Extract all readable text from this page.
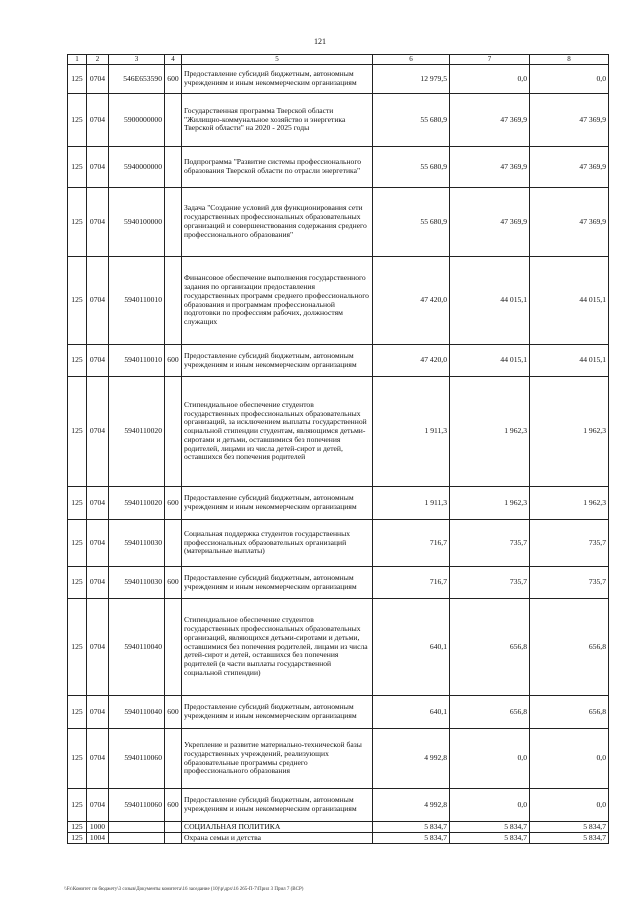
121
1	2	3	4	5	6	7	8
125	0704	546E653590	600	Предоставление субсидий бюджетным, автономным учреждениям и иным некоммерческим организациям	12 979,5	0,0	0,0
125	0704	5900000000		Государственная программа Тверской области "Жилищно-коммунальное хозяйство и энергетика Тверской области" на 2020 - 2025 годы	55 680,9	47 369,9	47 369,9
125	0704	5940000000		Подпрограмма "Развитие системы профессионального образования Тверской области по отрасли энергетика"	55 680,9	47 369,9	47 369,9
125	0704	5940100000		Задача "Создание условий для функционирования сети государственных профессиональных образовательных организаций и совершенствования содержания среднего профессионального образования"	55 680,9	47 369,9	47 369,9
125	0704	5940110010		Финансовое обеспечение выполнения государственного задания по организации предоставления государственных программ среднего профессионального образования и программам профессиональной подготовки по профессиям рабочих, должностям служащих	47 420,0	44 015,1	44 015,1
125	0704	5940110010	600	Предоставление субсидий бюджетным, автономным учреждениям и иным некоммерческим организациям	47 420,0	44 015,1	44 015,1
125	0704	5940110020		Стипендиальное обеспечение студентов государственных профессиональных образовательных организаций, за исключением выплаты государственной социальной стипендии студентам, являющимся детьми-сиротами и детьми, оставшимися без попечения родителей, лицами из числа детей-сирот и детей, оставшихся без попечения родителей	1 911,3	1 962,3	1 962,3
125	0704	5940110020	600	Предоставление субсидий бюджетным, автономным учреждениям и иным некоммерческим организациям	1 911,3	1 962,3	1 962,3
125	0704	5940110030		Социальная поддержка студентов государственных профессиональных образовательных организаций (материальные выплаты)	716,7	735,7	735,7
125	0704	5940110030	600	Предоставление субсидий бюджетным, автономным учреждениям и иным некоммерческим организациям	716,7	735,7	735,7
125	0704	5940110040		Стипендиальное обеспечение студентов государственных профессиональных образовательных организаций, являющихся детьми-сиротами и детьми, оставшимися без попечения родителей, лицами из числа детей-сирот и детей, оставшихся без попечения родителей (в части выплаты государственной социальной стипендии)	640,1	656,8	656,8
125	0704	5940110040	600	Предоставление субсидий бюджетным, автономным учреждениям и иным некоммерческим организациям	640,1	656,8	656,8
125	0704	5940110060		Укрепление и развитие материально-технической базы государственных учреждений, реализующих образовательные программы среднего профессионального образования	4 992,8	0,0	0,0
125	0704	5940110060	600	Предоставление субсидий бюджетным, автономным учреждениям и иным некоммерческим организациям	4 992,8	0,0	0,0
125	1000			СОЦИАЛЬНАЯ ПОЛИТИКА	5 834,7	5 834,7	5 834,7
125	1004			Охрана семьи и детства	5 834,7	5 834,7	5 834,7
\\Fs\Комитет по бюджету\3 созыв\Документы комитета\16 заседание (10)\p\дрх\16 265-П-7\Прил 3 Прил 7 (ВСР)
